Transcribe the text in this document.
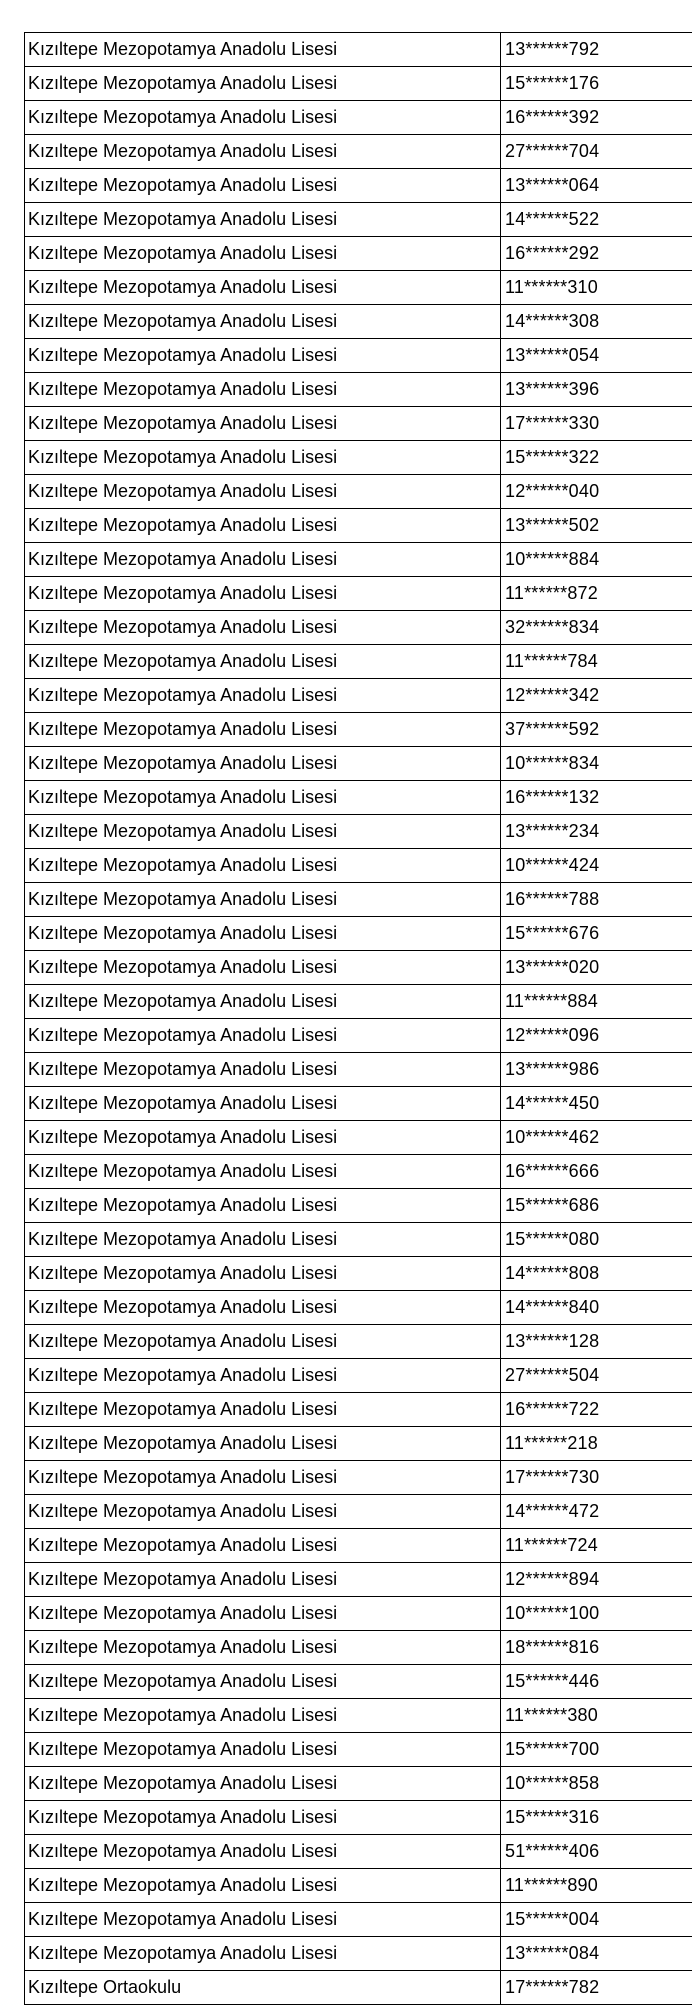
Kızıltepe Mezopotamya Anadolu Lisesi	13******792
Kızıltepe Mezopotamya Anadolu Lisesi	15******176
Kızıltepe Mezopotamya Anadolu Lisesi	16******392
Kızıltepe Mezopotamya Anadolu Lisesi	27******704
Kızıltepe Mezopotamya Anadolu Lisesi	13******064
Kızıltepe Mezopotamya Anadolu Lisesi	14******522
Kızıltepe Mezopotamya Anadolu Lisesi	16******292
Kızıltepe Mezopotamya Anadolu Lisesi	11******310
Kızıltepe Mezopotamya Anadolu Lisesi	14******308
Kızıltepe Mezopotamya Anadolu Lisesi	13******054
Kızıltepe Mezopotamya Anadolu Lisesi	13******396
Kızıltepe Mezopotamya Anadolu Lisesi	17******330
Kızıltepe Mezopotamya Anadolu Lisesi	15******322
Kızıltepe Mezopotamya Anadolu Lisesi	12******040
Kızıltepe Mezopotamya Anadolu Lisesi	13******502
Kızıltepe Mezopotamya Anadolu Lisesi	10******884
Kızıltepe Mezopotamya Anadolu Lisesi	11******872
Kızıltepe Mezopotamya Anadolu Lisesi	32******834
Kızıltepe Mezopotamya Anadolu Lisesi	11******784
Kızıltepe Mezopotamya Anadolu Lisesi	12******342
Kızıltepe Mezopotamya Anadolu Lisesi	37******592
Kızıltepe Mezopotamya Anadolu Lisesi	10******834
Kızıltepe Mezopotamya Anadolu Lisesi	16******132
Kızıltepe Mezopotamya Anadolu Lisesi	13******234
Kızıltepe Mezopotamya Anadolu Lisesi	10******424
Kızıltepe Mezopotamya Anadolu Lisesi	16******788
Kızıltepe Mezopotamya Anadolu Lisesi	15******676
Kızıltepe Mezopotamya Anadolu Lisesi	13******020
Kızıltepe Mezopotamya Anadolu Lisesi	11******884
Kızıltepe Mezopotamya Anadolu Lisesi	12******096
Kızıltepe Mezopotamya Anadolu Lisesi	13******986
Kızıltepe Mezopotamya Anadolu Lisesi	14******450
Kızıltepe Mezopotamya Anadolu Lisesi	10******462
Kızıltepe Mezopotamya Anadolu Lisesi	16******666
Kızıltepe Mezopotamya Anadolu Lisesi	15******686
Kızıltepe Mezopotamya Anadolu Lisesi	15******080
Kızıltepe Mezopotamya Anadolu Lisesi	14******808
Kızıltepe Mezopotamya Anadolu Lisesi	14******840
Kızıltepe Mezopotamya Anadolu Lisesi	13******128
Kızıltepe Mezopotamya Anadolu Lisesi	27******504
Kızıltepe Mezopotamya Anadolu Lisesi	16******722
Kızıltepe Mezopotamya Anadolu Lisesi	11******218
Kızıltepe Mezopotamya Anadolu Lisesi	17******730
Kızıltepe Mezopotamya Anadolu Lisesi	14******472
Kızıltepe Mezopotamya Anadolu Lisesi	11******724
Kızıltepe Mezopotamya Anadolu Lisesi	12******894
Kızıltepe Mezopotamya Anadolu Lisesi	10******100
Kızıltepe Mezopotamya Anadolu Lisesi	18******816
Kızıltepe Mezopotamya Anadolu Lisesi	15******446
Kızıltepe Mezopotamya Anadolu Lisesi	11******380
Kızıltepe Mezopotamya Anadolu Lisesi	15******700
Kızıltepe Mezopotamya Anadolu Lisesi	10******858
Kızıltepe Mezopotamya Anadolu Lisesi	15******316
Kızıltepe Mezopotamya Anadolu Lisesi	51******406
Kızıltepe Mezopotamya Anadolu Lisesi	11******890
Kızıltepe Mezopotamya Anadolu Lisesi	15******004
Kızıltepe Mezopotamya Anadolu Lisesi	13******084
Kızıltepe Ortaokulu	17******782
